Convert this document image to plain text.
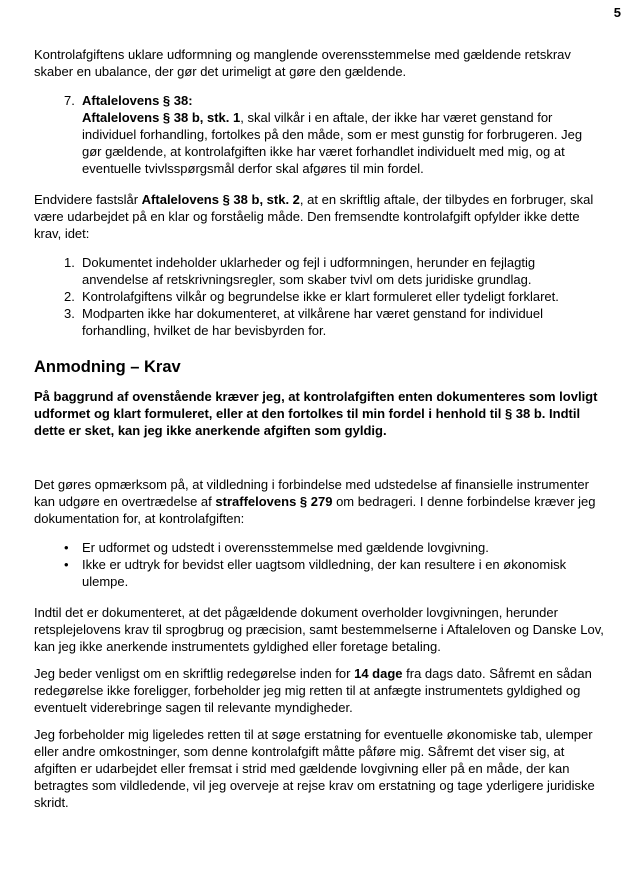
5

Kontrolafgiftens uklare udformning og manglende overensstemmelse med gældende retskrav skaber en ubalance, der gør det urimeligt at gøre den gældende.

7. Aftalelovens § 38:
Aftalelovens § 38 b, stk. 1, skal vilkår i en aftale, der ikke har været genstand for individuel forhandling, fortolkes på den måde, som er mest gunstig for forbrugeren. Jeg gør gældende, at kontrolafgiften ikke har været forhandlet individuelt med mig, og at eventuelle tvivlsspørgsmål derfor skal afgøres til min fordel.

Endvidere fastslår Aftalelovens § 38 b, stk. 2, at en skriftlig aftale, der tilbydes en forbruger, skal være udarbejdet på en klar og forståelig måde. Den fremsendte kontrolafgift opfylder ikke dette krav, idet:

1. Dokumentet indeholder uklarheder og fejl i udformningen, herunder en fejlagtig anvendelse af retskrivningsregler, som skaber tvivl om dets juridiske grundlag.
2. Kontrolafgiftens vilkår og begrundelse ikke er klart formuleret eller tydeligt forklaret.
3. Modparten ikke har dokumenteret, at vilkårene har været genstand for individuel forhandling, hvilket de har bevisbyrden for.
Anmodning – Krav

På baggrund af ovenstående kræver jeg, at kontrolafgiften enten dokumenteres som lovligt udformet og klart formuleret, eller at den fortolkes til min fordel i henhold til § 38 b. Indtil dette er sket, kan jeg ikke anerkende afgiften som gyldig.

Det gøres opmærksom på, at vildledning i forbindelse med udstedelse af finansielle instrumenter kan udgøre en overtrædelse af straffelovens § 279 om bedrageri. I denne forbindelse kræver jeg dokumentation for, at kontrolafgiften:

•	Er udformet og udstedt i overensstemmelse med gældende lovgivning.
•	Ikke er udtryk for bevidst eller uagtsom vildledning, der kan resultere i en økonomisk ulempe.

Indtil det er dokumenteret, at det pågældende dokument overholder lovgivningen, herunder retsplejelovens krav til sprogbrug og præcision, samt bestemmelserne i Aftaleloven og Danske Lov, kan jeg ikke anerkende instrumentets gyldighed eller foretage betaling.

Jeg beder venligst om en skriftlig redegørelse inden for 14 dage fra dags dato. Såfremt en sådan redegørelse ikke foreligger, forbeholder jeg mig retten til at anfægte instrumentets gyldighed og eventuelt viderebringe sagen til relevante myndigheder.

Jeg forbeholder mig ligeledes retten til at søge erstatning for eventuelle økonomiske tab, ulemper eller andre omkostninger, som denne kontrolafgift måtte påføre mig. Såfremt det viser sig, at afgiften er udarbejdet eller fremsat i strid med gældende lovgivning eller på en måde, der kan betragtes som vildledende, vil jeg overveje at rejse krav om erstatning og tage yderligere juridiske skridt.
